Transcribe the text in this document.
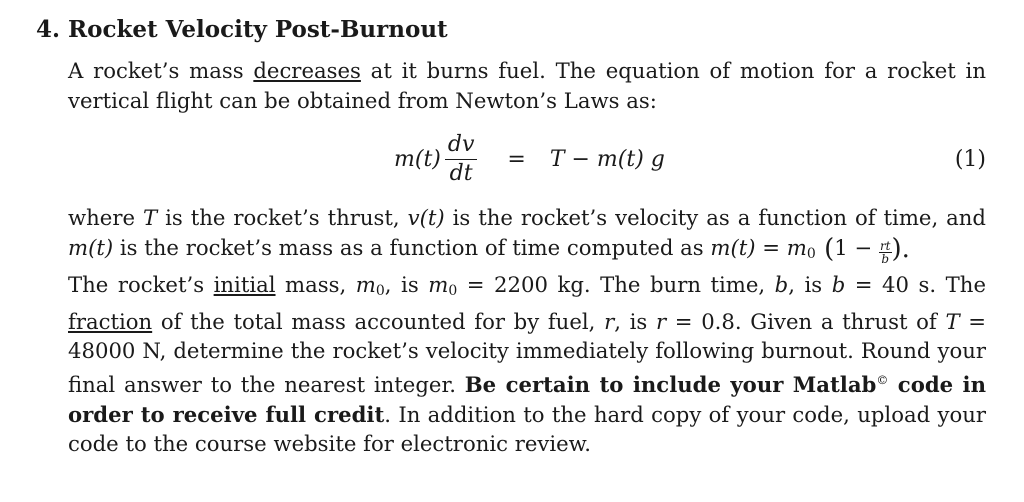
4. Rocket Velocity Post-Burnout

A rocket’s mass decreases at it burns fuel. The equation of motion for a rocket in vertical flight can be obtained from Newton’s Laws as:

$m(t) \frac{dv}{dt} = T - m(t)$ g	(1)

where T is the rocket’s thrust, v(t) is the rocket’s velocity as a function of time, and m(t) is the rocket’s mass as a function of time computed as m(t) = m0 ($1 - \frac{rt}{b}$ ).

The rocket’s initial mass, m0, is m0 = 2200 kg. The burn time, b, is b = 40 s. The fraction of the total mass accounted for by fuel, r, is r = 0.8. Given a thrust of T = 48000 N, determine the rocket’s velocity immediately following burnout. Round your final answer to the nearest integer. Be certain to include your Matlab© code in order to receive full credit. In addition to the hard copy of your code, upload your code to the course website for electronic review.
